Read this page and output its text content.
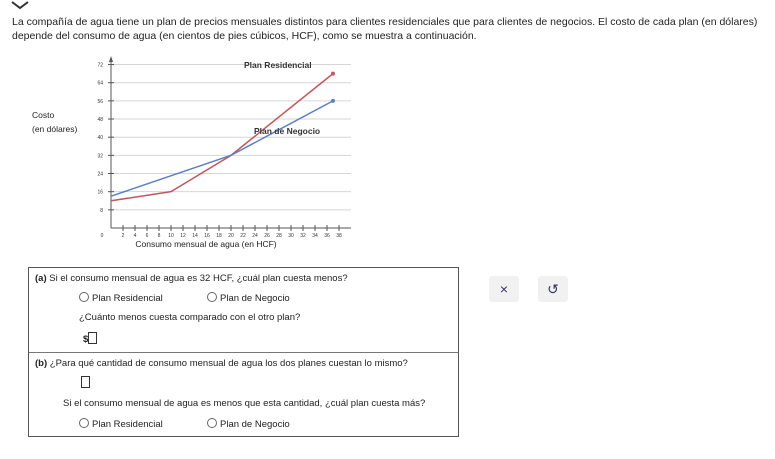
La compañía de agua tiene un plan de precios mensuales distintos para clientes residenciales que para clientes de negocios. El costo de cada plan (en dólares) depende del consumo de agua (en cientos de pies cúbicos, HCF), como se muestra a continuación.
8
16
24
32
40
48
56
64
72
2 4 6 8 10 12 14 16 18 20 22 24 26 28 30 32 34 36 38
0
Consumo mensual de agua (en HCF)
Costo
(en dólares)
Plan Residencial
Plan de Negocio
(a) Si el consumo mensual de agua es 32 HCF, ¿cuál plan cuesta menos?
Plan Residencial	Plan de Negocio
¿Cuánto menos cuesta comparado con el otro plan?
$
(b) ¿Para qué cantidad de consumo mensual de agua los dos planes cuestan lo mismo?
Si el consumo mensual de agua es menos que esta cantidad, ¿cuál plan cuesta más?
Plan Residencial	Plan de Negocio
×	↺
